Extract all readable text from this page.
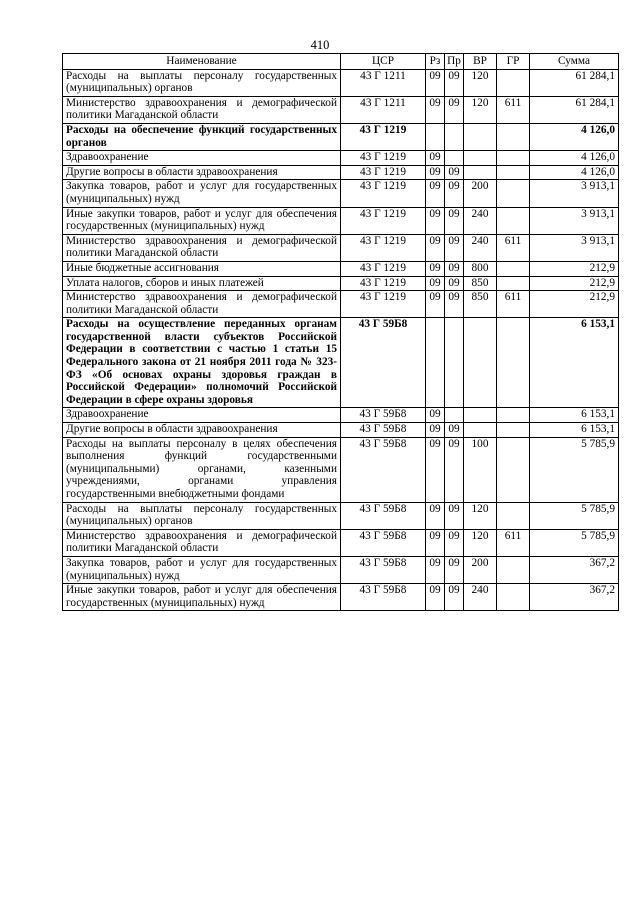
410
Наименование	ЦСР	Рз	Пр	ВР	ГР	Сумма
Расходы на выплаты персоналу государственных (муниципальных) органов	43 Г 1211	09	09	120		61 284,1
Министерство здравоохранения и демографической политики Магаданской области	43 Г 1211	09	09	120	611	61 284,1
Расходы на обеспечение функций государственных органов	43 Г 1219					4 126,0
Здравоохранение	43 Г 1219	09				4 126,0
Другие вопросы в области здравоохранения	43 Г 1219	09	09			4 126,0
Закупка товаров, работ и услуг для государственных (муниципальных) нужд	43 Г 1219	09	09	200		3 913,1
Иные закупки товаров, работ и услуг для обеспечения государственных (муниципальных) нужд	43 Г 1219	09	09	240		3 913,1
Министерство здравоохранения и демографической политики Магаданской области	43 Г 1219	09	09	240	611	3 913,1
Иные бюджетные ассигнования	43 Г 1219	09	09	800		212,9
Уплата налогов, сборов и иных платежей	43 Г 1219	09	09	850		212,9
Министерство здравоохранения и демографической политики Магаданской области	43 Г 1219	09	09	850	611	212,9
Расходы на осуществление переданных органам государственной власти субъектов Российской Федерации в соответствии с частью 1 статьи 15 Федерального закона от 21 ноября 2011 года № 323-ФЗ «Об основах охраны здоровья граждан в Российской Федерации» полномочий Российской Федерации в сфере охраны здоровья	43 Г 59Б8					6 153,1
Здравоохранение	43 Г 59Б8	09				6 153,1
Другие вопросы в области здравоохранения	43 Г 59Б8	09	09			6 153,1
Расходы на выплаты персоналу в целях обеспечения выполнения функций государственными (муниципальными) органами, казенными учреждениями, органами управления государственными внебюджетными фондами	43 Г 59Б8	09	09	100		5 785,9
Расходы на выплаты персоналу государственных (муниципальных) органов	43 Г 59Б8	09	09	120		5 785,9
Министерство здравоохранения и демографической политики Магаданской области	43 Г 59Б8	09	09	120	611	5 785,9
Закупка товаров, работ и услуг для государственных (муниципальных) нужд	43 Г 59Б8	09	09	200		367,2
Иные закупки товаров, работ и услуг для обеспечения государственных (муниципальных) нужд	43 Г 59Б8	09	09	240		367,2
